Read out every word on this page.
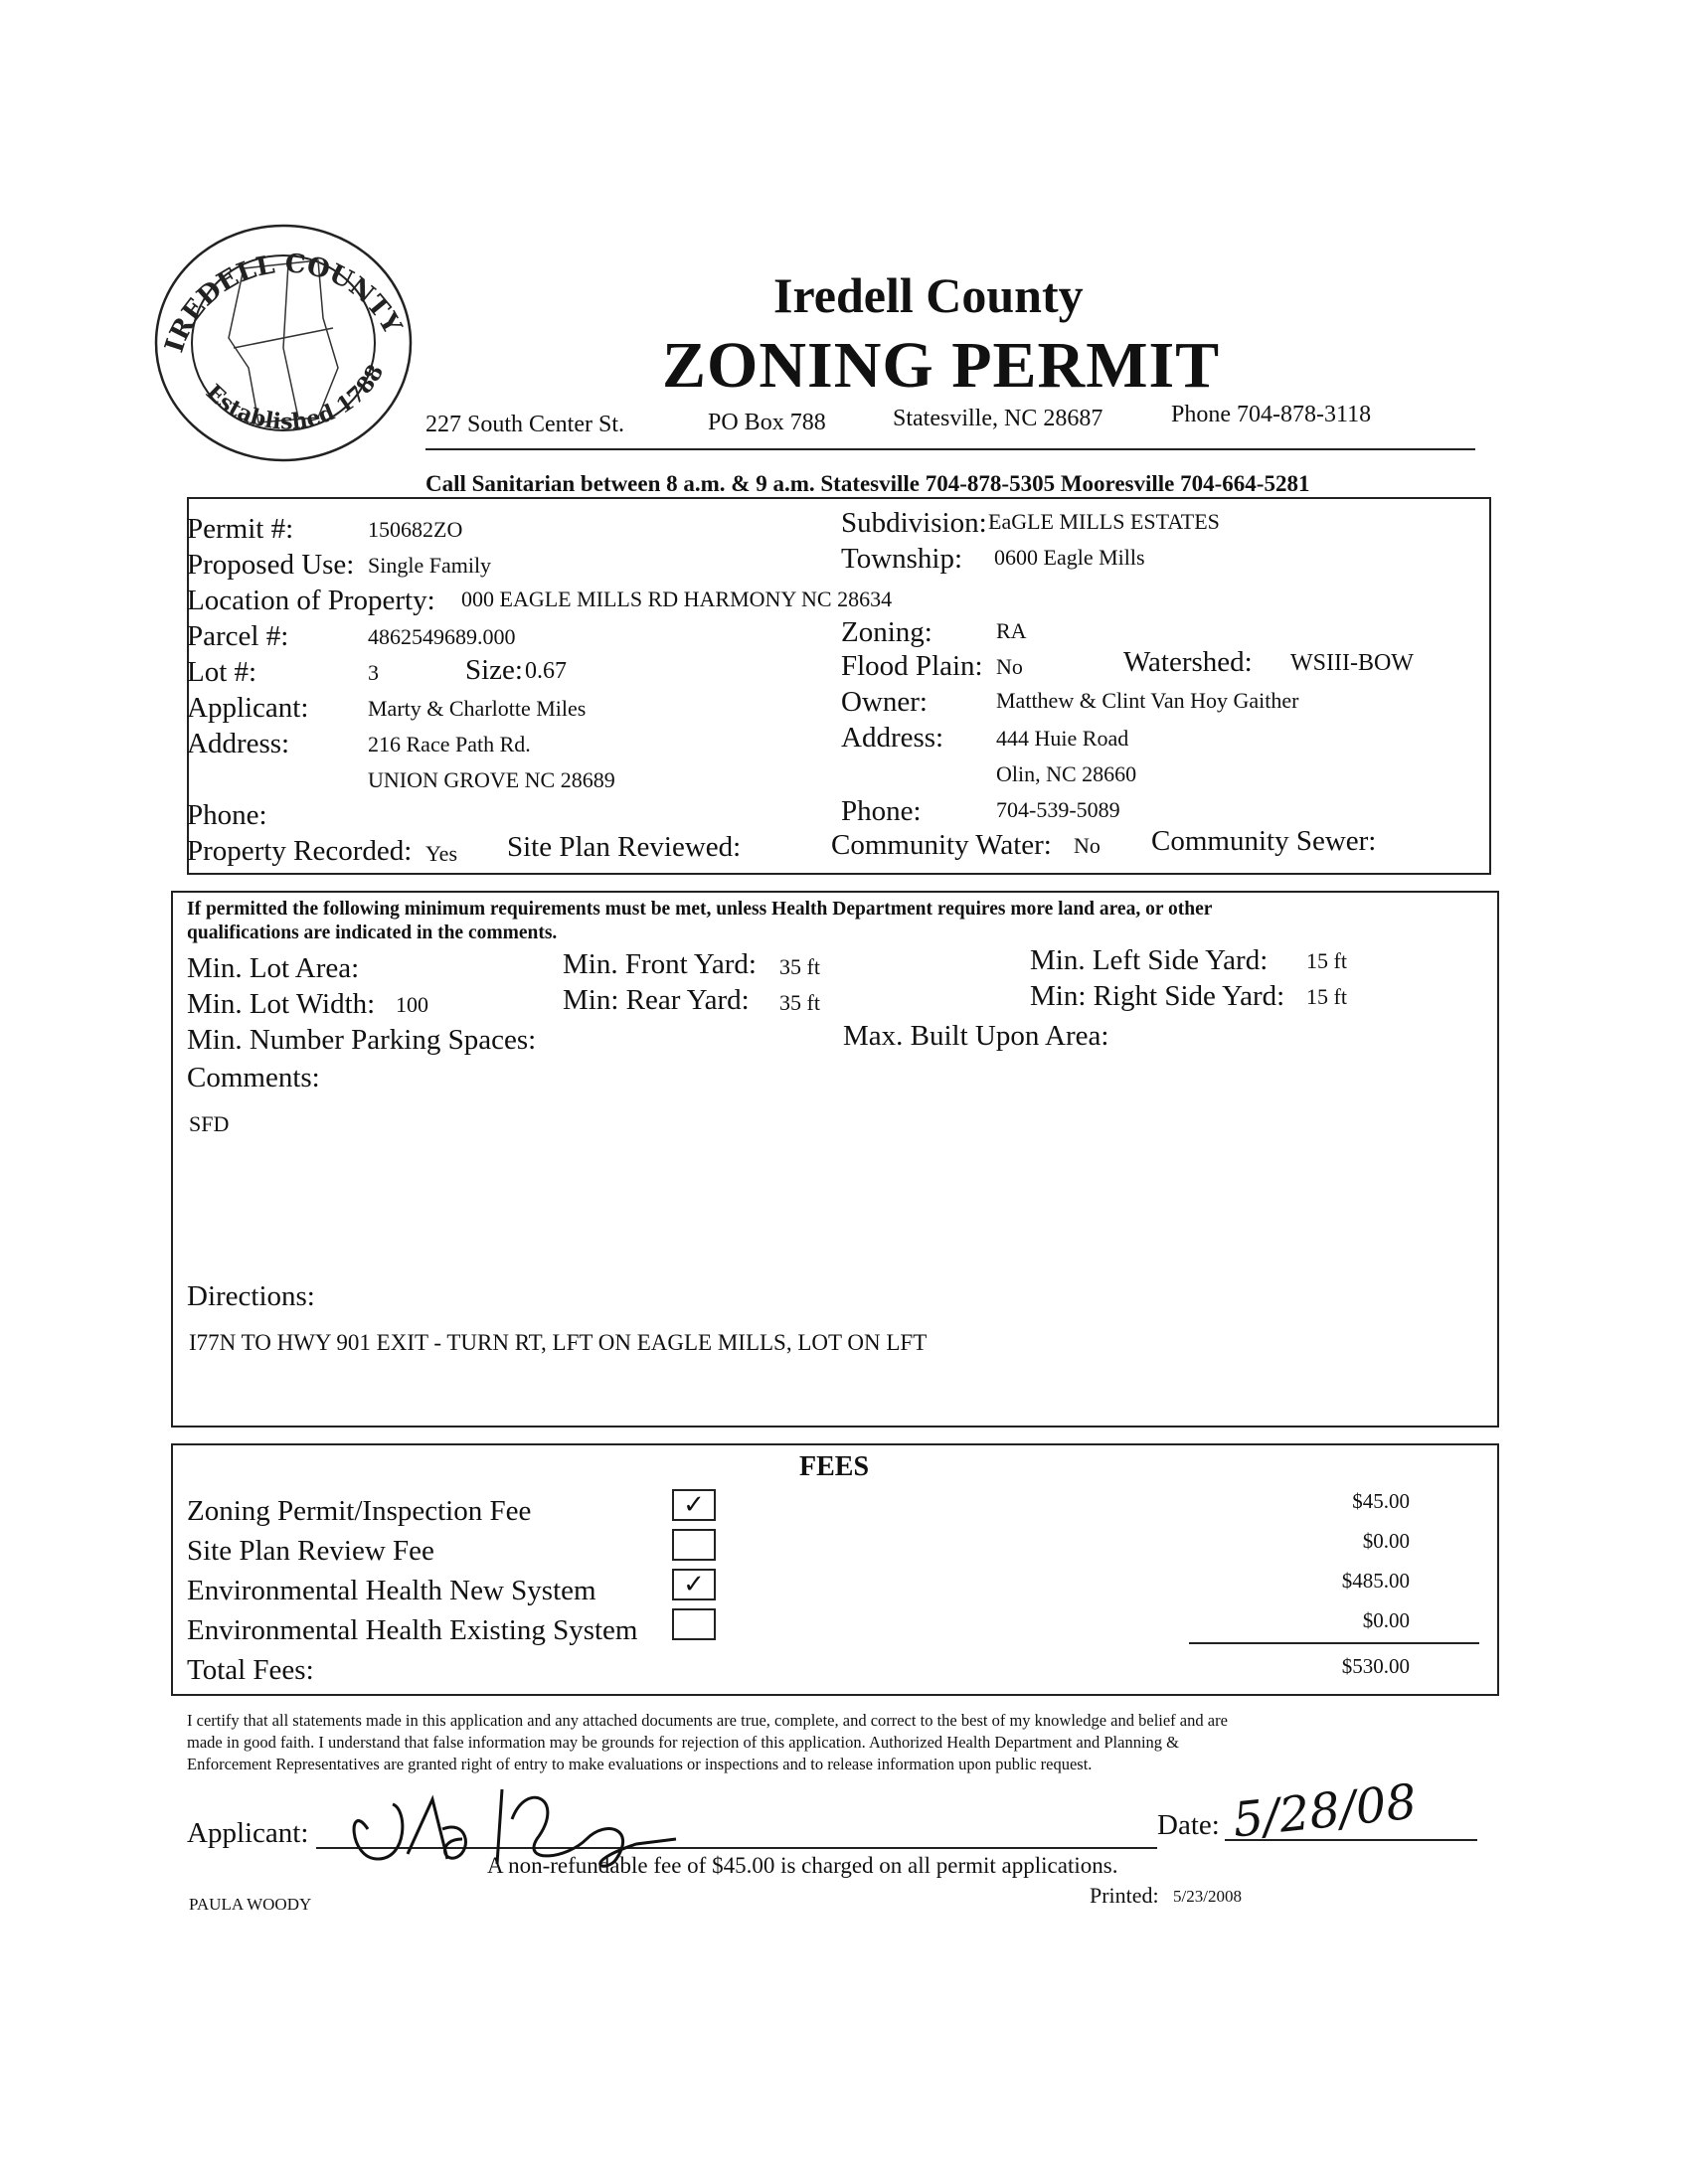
IREDELL COUNTY
Established 1788
Iredell County
ZONING PERMIT
227 South Center St.	PO Box 788	Statesville, NC 28687	Phone 704-878-3118
Call Sanitarian between 8 a.m. & 9 a.m. Statesville 704-878-5305 Mooresville 704-664-5281
Permit #:	150682ZO	Subdivision: EaGLE MILLS ESTATES
Proposed Use: Single Family	Township: 0600 Eagle Mills
Location of Property: 000 EAGLE MILLS RD HARMONY NC 28634
Parcel #:	4862549689.000	Zoning:	RA
Lot #:	3	Size: 0.67	Flood Plain: No	Watershed: WSIII-BOW
Applicant:	Marty & Charlotte Miles	Owner:	Matthew & Clint Van Hoy Gaither
Address:	216 Race Path Rd.
UNION GROVE NC 28689
Address: 444 Huie Road
Olin, NC 28660
Phone:	Phone:	704-539-5089
Property Recorded: Yes Site Plan Reviewed:	Community Water: No Community Sewer:
If permitted the following minimum requirements must be met, unless Health Department requires more land area, or other
qualifications are indicated in the comments.
Min. Lot Area:	Min. Front Yard: 35 ft	Min. Left Side Yard: 15 ft
Min. Lot Width: 100	Min: Rear Yard: 35 ft	Min: Right Side Yard: 15 ft
Min. Number Parking Spaces:	Max. Built Upon Area:
Comments:
SFD
Directions:
I77N TO HWY 901 EXIT - TURN RT, LFT ON EAGLE MILLS, LOT ON LFT
FEES
Zoning Permit/Inspection Fee	✓	$45.00
Site Plan Review Fee	$0.00
Environmental Health New System	✓	$485.00
Environmental Health Existing System	$0.00
Total Fees:	$530.00
I certify that all statements made in this application and any attached documents are true, complete, and correct to the best of my knowledge and belief and are
made in good faith. I understand that false information may be grounds for rejection of this application. Authorized Health Department and Planning &
Enforcement Representatives are granted right of entry to make evaluations or inspections and to release information upon public request.
Applicant:	Date: 5/28/08
A non-refundable fee of $45.00 is charged on all permit applications.
Printed: 5/23/2008
PAULA WOODY
